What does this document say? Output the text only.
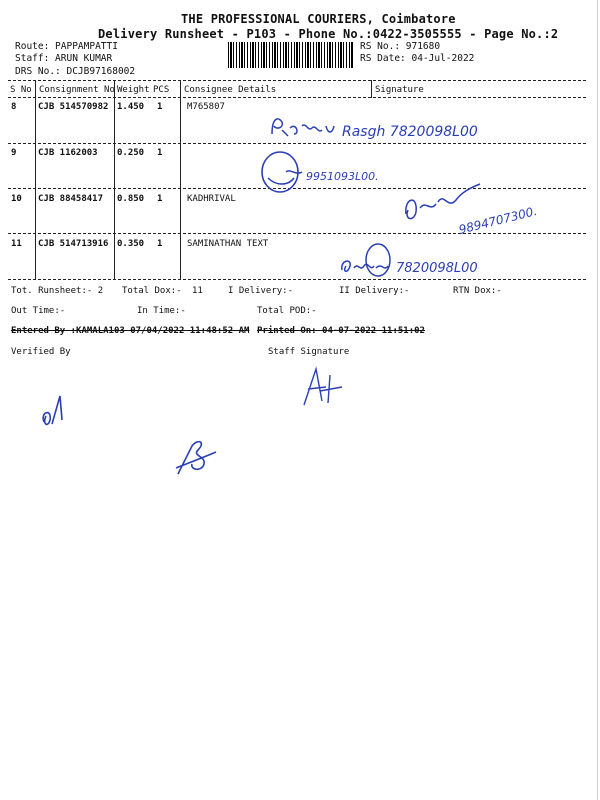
THE PROFESSIONAL COURIERS, Coimbatore
Delivery Runsheet - P103 - Phone No.:0422-3505555 - Page No.:2
Route: PAPPAMPATTI
Staff: ARUN KUMAR
DRS No.: DCJB97168002
RS No.: 971680
RS Date: 04-Jul-2022
S No Consignment No Weight PCS Consignee Details	Signature
8 CJB 514570982 1.450 1	M765807
9 CJB 1162003 0.250 1
10 CJB 88458417 0.850 1	KADHRIVAL
11 CJB 514713916 0.350 1	SAMINATHAN TEXT
Rasgh 7820098L00
9951093L00.
9894707300.
7820098L00
Tot. Runsheet:- 2 Total Dox:- 11	I Delivery:-	II Delivery:-	RTN Dox:-
Out Time:-	In Time:-	Total POD:-
Entered By :KAMALA103 07/04/2022 11:48:52 AM Printed On: 04-07-2022 11:51:02
Verified By	Staff Signature
